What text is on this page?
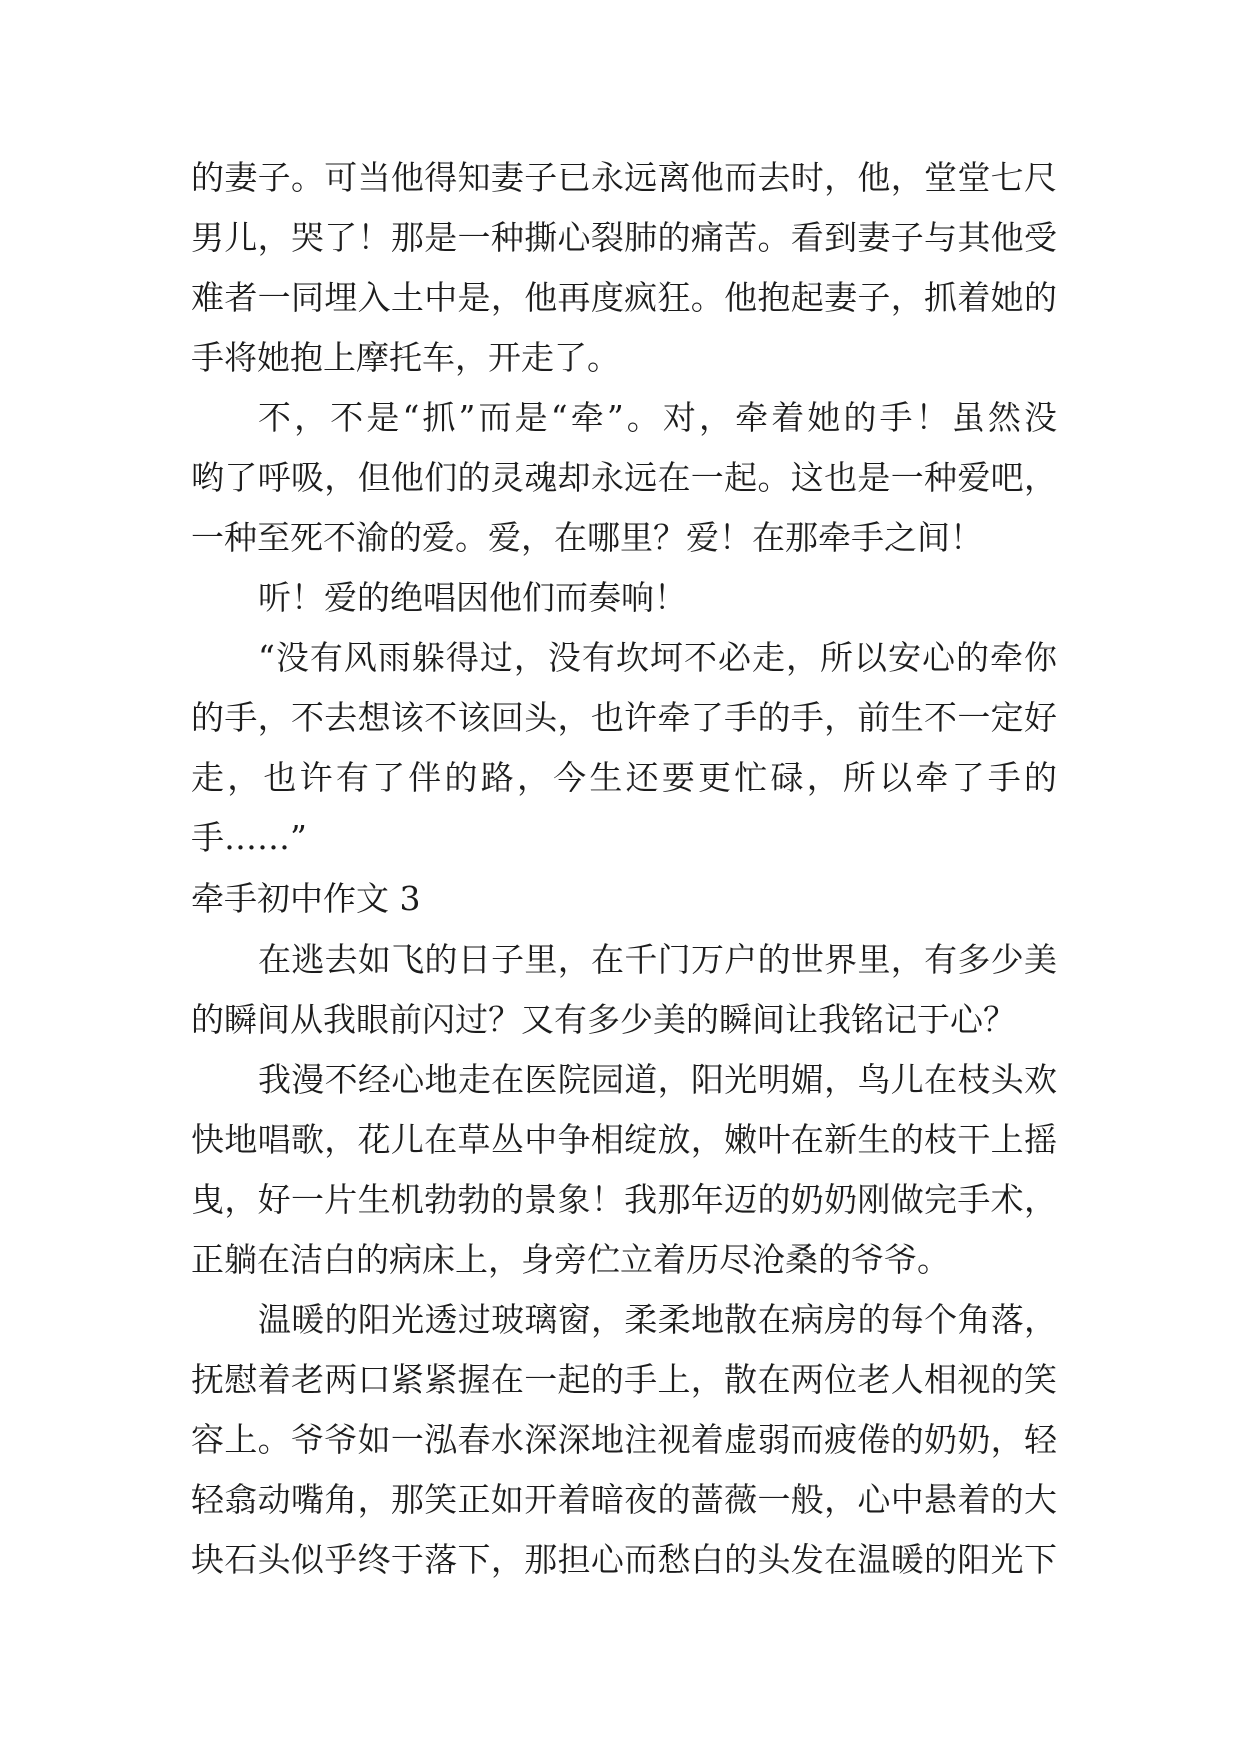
的妻子。可当他得知妻子已永远离他而去时，他，堂堂七尺
男儿，哭了！那是一种撕心裂肺的痛苦。看到妻子与其他受
难者一同埋入土中是，他再度疯狂。他抱起妻子，抓着她的
手将她抱上摩托车，开走了。
不，不是“抓”而是“牵”。对，牵着她的手！虽然没
哟了呼吸，但他们的灵魂却永远在一起。这也是一种爱吧，
一种至死不渝的爱。爱，在哪里？爱！在那牵手之间！
听！爱的绝唱因他们而奏响！
“没有风雨躲得过，没有坎坷不必走，所以安心的牵你
的手，不去想该不该回头，也许牵了手的手，前生不一定好
走，也许有了伴的路，今生还要更忙碌，所以牵了手的
手……”
牵手初中作文 3
在逃去如飞的日子里，在千门万户的世界里，有多少美
的瞬间从我眼前闪过？又有多少美的瞬间让我铭记于心？
我漫不经心地走在医院园道，阳光明媚，鸟儿在枝头欢
快地唱歌，花儿在草丛中争相绽放，嫩叶在新生的枝干上摇
曳，好一片生机勃勃的景象！我那年迈的奶奶刚做完手术，
正躺在洁白的病床上，身旁伫立着历尽沧桑的爷爷。
温暖的阳光透过玻璃窗，柔柔地散在病房的每个角落，
抚慰着老两口紧紧握在一起的手上，散在两位老人相视的笑
容上。爷爷如一泓春水深深地注视着虚弱而疲倦的奶奶，轻
轻翕动嘴角，那笑正如开着暗夜的蔷薇一般，心中悬着的大
块石头似乎终于落下，那担心而愁白的头发在温暖的阳光下
